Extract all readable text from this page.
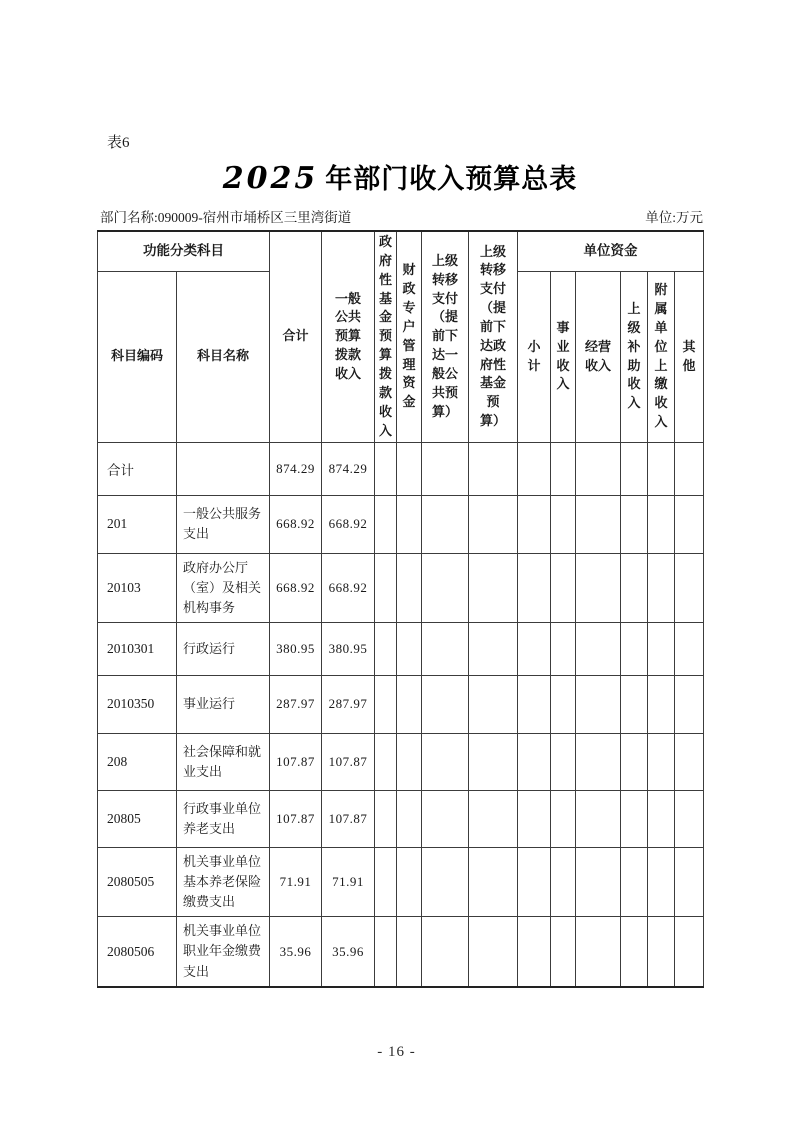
表6
2025 年部门收入预算总表
部门名称:090009-宿州市埇桥区三里湾街道	单位:万元
功能分类科目		合计	一般公共预算拨款收入	政府性基金预算拨款收入	财政专户管理资金	上级转移支付（提前下达一般公共预算）	上级转移支付（提前下达政府性基金预算）	单位资金					
科目编码	科目名称							小计	事业收入	经营收入	上级补助收入	附属单位上缴收入	其他
合计		874.29	874.29										
201	一般公共服务支出	668.92	668.92										
20103	政府办公厅（室）及相关机构事务	668.92	668.92										
2010301	行政运行	380.95	380.95										
2010350	事业运行	287.97	287.97										
208	社会保障和就业支出	107.87	107.87										
20805	行政事业单位养老支出	107.87	107.87										
2080505	机关事业单位基本养老保险缴费支出	71.91	71.91										
2080506	机关事业单位职业年金缴费支出	35.96	35.96										
- 16 -
